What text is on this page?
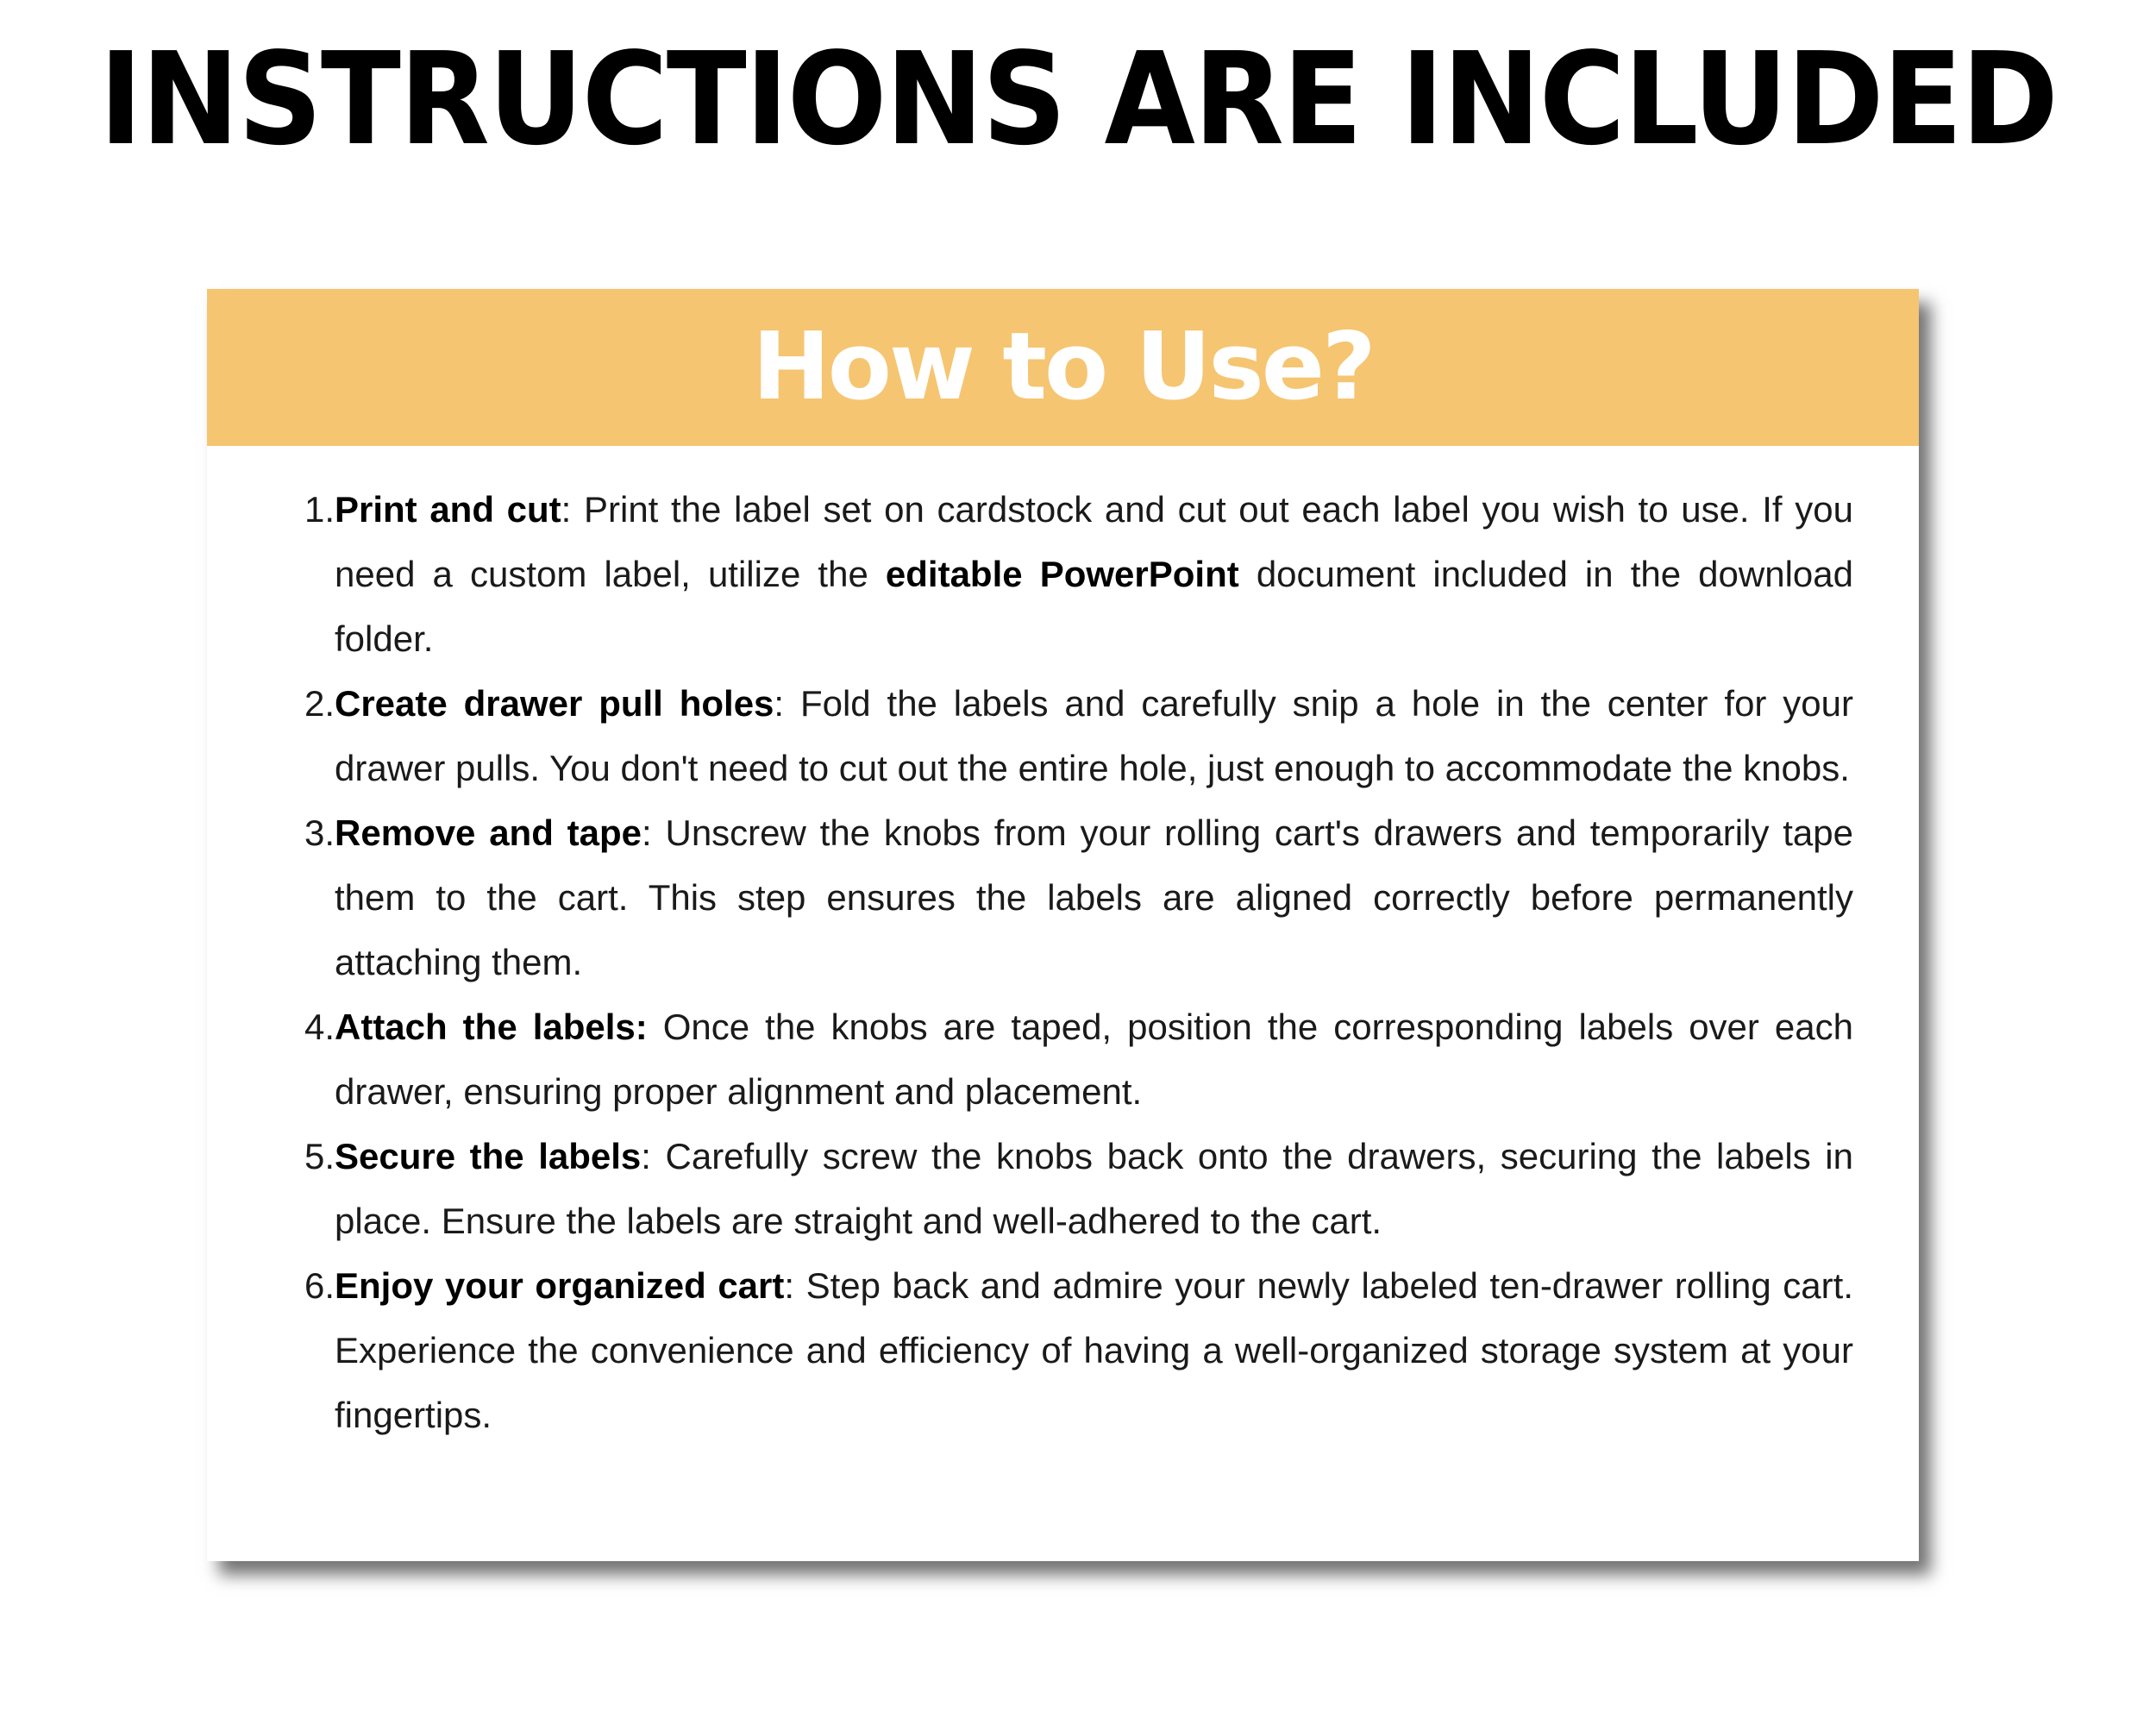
INSTRUCTIONS ARE INCLUDED
How to Use?
1. Print and cut: Print the label set on cardstock and cut out each label you wish to use. If you need a custom label, utilize the editable PowerPoint document included in the download folder.
2. Create drawer pull holes: Fold the labels and carefully snip a hole in the center for your drawer pulls. You don't need to cut out the entire hole, just enough to accommodate the knobs.
3. Remove and tape: Unscrew the knobs from your rolling cart's drawers and temporarily tape them to the cart. This step ensures the labels are aligned correctly before permanently attaching them.
4. Attach the labels: Once the knobs are taped, position the corresponding labels over each drawer, ensuring proper alignment and placement.
5. Secure the labels: Carefully screw the knobs back onto the drawers, securing the labels in place. Ensure the labels are straight and well-adhered to the cart.
6. Enjoy your organized cart: Step back and admire your newly labeled ten-drawer rolling cart. Experience the convenience and efficiency of having a well-organized storage system at your fingertips.
